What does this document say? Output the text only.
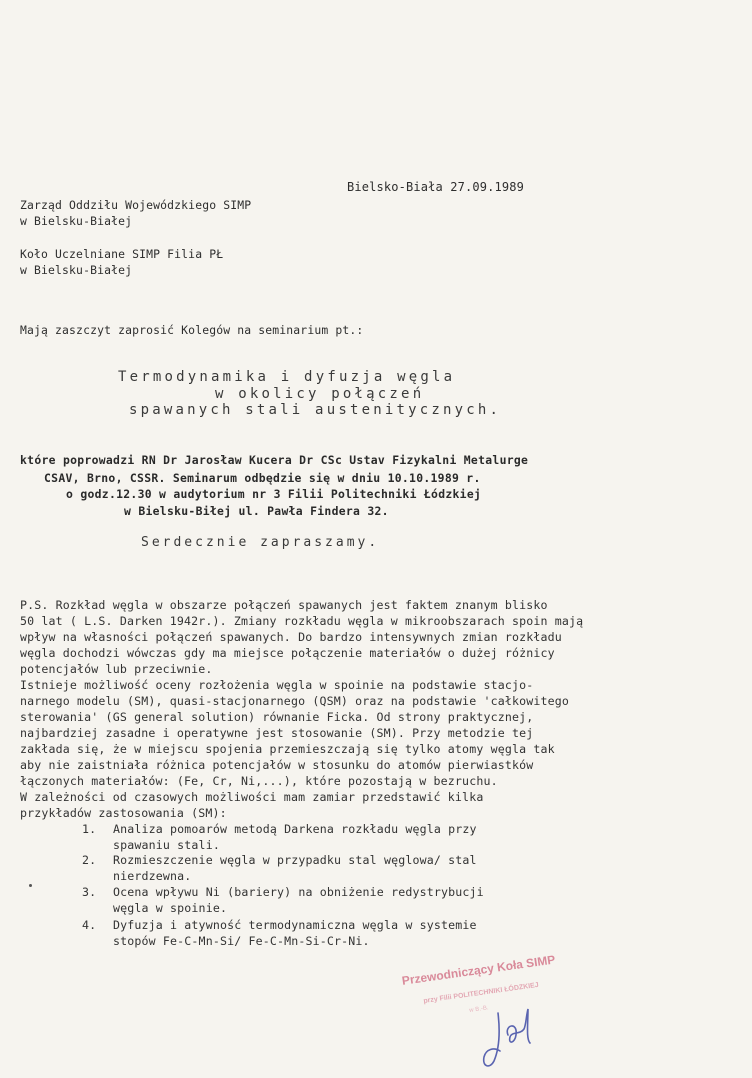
Bielsko-Biała 27.09.1989
Zarząd Oddziłu Wojewódzkiego SIMP
w Bielsku-Białej
Koło Uczelniane SIMP Filia PŁ
w Bielsku-Białej
Mają zaszczyt zaprosić Kolegów na seminarium pt.:
Termodynamika i dyfuzja węgla
w okolicy połączeń
spawanych stali austenitycznych.
które poprowadzi RN Dr Jarosław Kucera Dr CSc Ustav Fizykalni Metalurge
CSAV, Brno, CSSR. Seminarum odbędzie się w dniu 10.10.1989 r.
o godz.12.30 w audytorium nr 3 Filii Politechniki Łódzkiej
w Bielsku-Biłej ul. Pawła Findera 32.
Serdecznie zapraszamy.
P.S. Rozkład węgla w obszarze połączeń spawanych jest faktem znanym blisko
50 lat ( L.S. Darken 1942r.). Zmiany rozkładu węgla w mikroobszarach spoin mają
wpływ na własności połączeń spawanych. Do bardzo intensywnych zmian rozkładu
węgla dochodzi wówczas gdy ma miejsce połączenie materiałów o dużej różnicy
potencjałów lub przeciwnie.
Istnieje możliwość oceny rozłożenia węgla w spoinie na podstawie stacjo-
narnego modelu (SM), quasi-stacjonarnego (QSM) oraz na podstawie 'całkowitego
sterowania' (GS general solution) równanie Ficka. Od strony praktycznej,
najbardziej zasadne i operatywne jest stosowanie (SM). Przy metodzie tej
zakłada się, że w miejscu spojenia przemieszczają się tylko atomy węgla tak
aby nie zaistniała różnica potencjałów w stosunku do atomów pierwiastków
łączonych materiałów: (Fe, Cr, Ni,...), które pozostają w bezruchu.
W zależności od czasowych możliwości mam zamiar przedstawić kilka
przykładów zastosowania (SM):
1. Analiza pomoarów metodą Darkena rozkładu węgla przy
spawaniu stali.
2. Rozmieszczenie węgla w przypadku stal węglowa/ stal
nierdzewna.
3. Ocena wpływu Ni (bariery) na obniżenie redystrybucji
węgla w spoinie.
4. Dyfuzja i atywność termodynamiczna węgla w systemie
stopów Fe-C-Mn-Si/ Fe-C-Mn-Si-Cr-Ni.
Przewodniczący Koła SIMP
przy Filii POLITECHNIKI ŁÓDZKIEJ
w B.-B.
